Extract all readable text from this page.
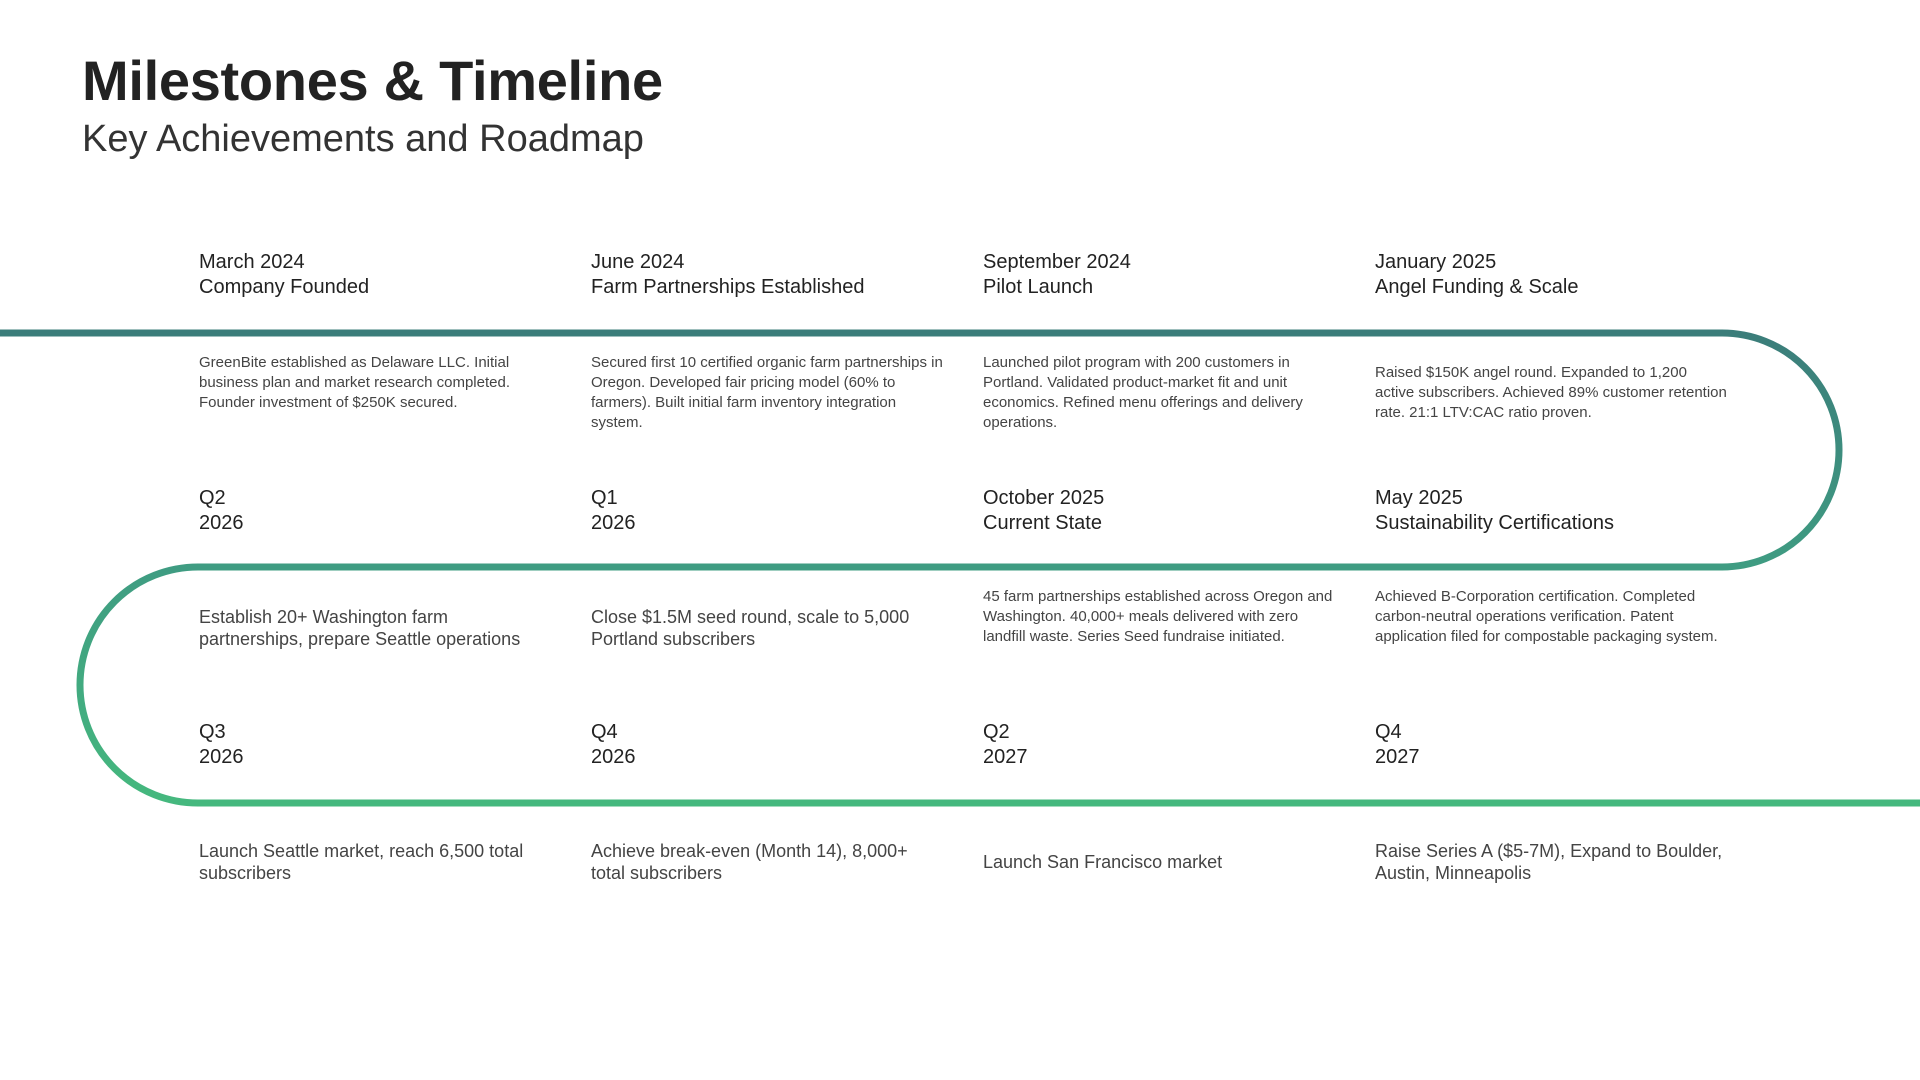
Milestones & Timeline
Key Achievements and Roadmap
March 2024
Company Founded
June 2024
Farm Partnerships Established
September 2024
Pilot Launch
January 2025
Angel Funding & Scale

GreenBite established as Delaware LLC. Initial business plan and market research completed. Founder investment of $250K secured.

Secured first 10 certified organic farm partnerships in Oregon. Developed fair pricing model (60% to farmers). Built initial farm inventory integration system.

Launched pilot program with 200 customers in Portland. Validated product-market fit and unit economics. Refined menu offerings and delivery operations.

Raised $150K angel round. Expanded to 1,200 active subscribers. Achieved 89% customer retention rate. 21:1 LTV:CAC ratio proven.

Q2
2026
Q1
2026
October 2025
Current State
May 2025
Sustainability Certifications

Establish 20+ Washington farm partnerships, prepare Seattle operations

Close $1.5M seed round, scale to 5,000 Portland subscribers

45 farm partnerships established across Oregon and Washington. 40,000+ meals delivered with zero landfill waste. Series Seed fundraise initiated.

Achieved B-Corporation certification. Completed carbon-neutral operations verification. Patent application filed for compostable packaging system.

Q3
2026
Q4
2026
Q2
2027
Q4
2027

Launch Seattle market, reach 6,500 total subscribers

Achieve break-even (Month 14), 8,000+ total subscribers

Launch San Francisco market

Raise Series A ($5-7M), Expand to Boulder, Austin, Minneapolis
